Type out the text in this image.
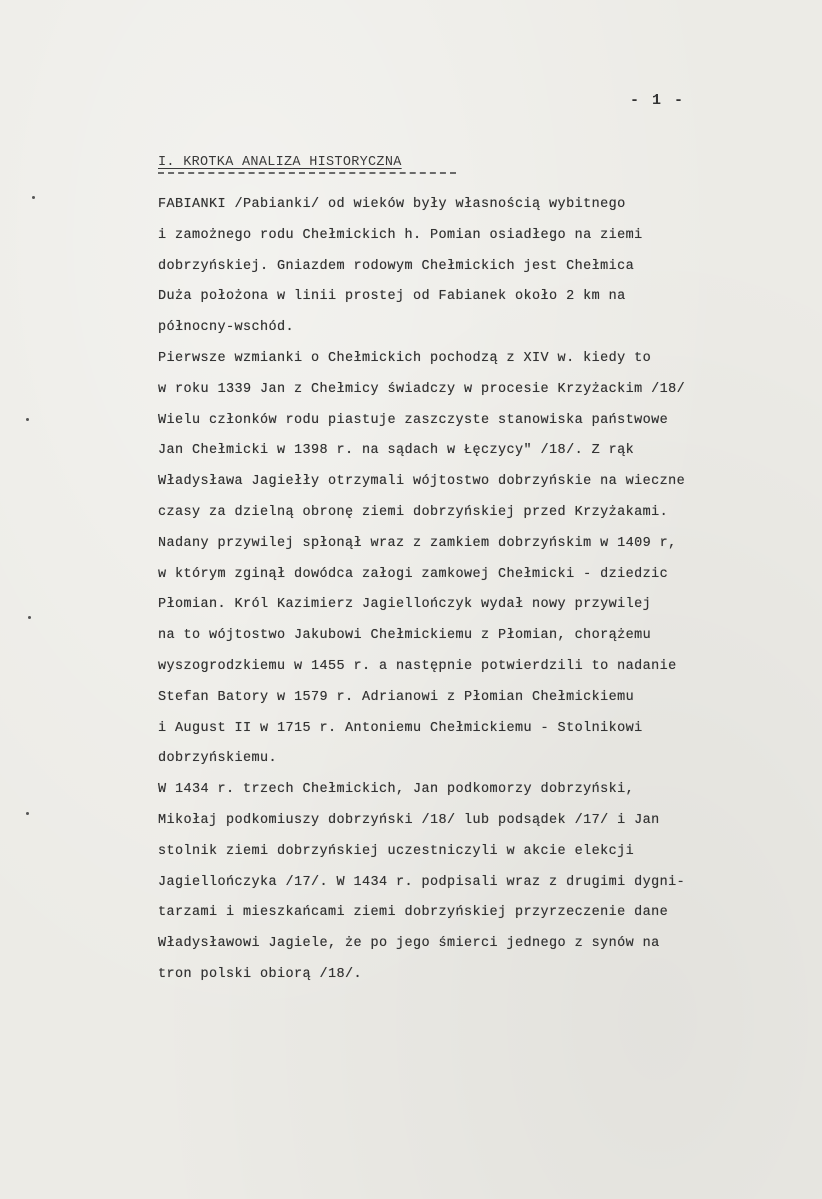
- 1 -
I. KROTKA ANALIZA HISTORYCZNA
FABIANKI /Pabianki/ od wieków były własnością wybitnego
i zamożnego rodu Chełmickich h. Pomian osiadłego na ziemi
dobrzyńskiej. Gniazdem rodowym Chełmickich jest Chełmica
Duża położona w linii prostej od Fabianek około 2 km na
północny-wschód.
Pierwsze wzmianki o Chełmickich pochodzą z XIV w. kiedy to
w roku 1339 Jan z Chełmicy świadczy w procesie Krzyżackim /18/
Wielu członków rodu piastuje zaszczyste stanowiska państwowe
Jan Chełmicki w 1398 r. na sądach w Łęczycy" /18/. Z rąk
Władysława Jagiełły otrzymali wójtostwo dobrzyńskie na wieczne
czasy za dzielną obronę ziemi dobrzyńskiej przed Krzyżakami.
Nadany przywilej spłonął wraz z zamkiem dobrzyńskim w 1409 r,
w którym zginął dowódca załogi zamkowej Chełmicki - dziedzic
Płomian. Król Kazimierz Jagiellończyk wydał nowy przywilej
na to wójtostwo Jakubowi Chełmickiemu z Płomian, chorążemu
wyszogrodzkiemu w 1455 r. a następnie potwierdzili to nadanie
Stefan Batory w 1579 r. Adrianowi z Płomian Chełmickiemu
i August II w 1715 r. Antoniemu Chełmickiemu - Stolnikowi
dobrzyńskiemu.
W 1434 r. trzech Chełmickich, Jan podkomorzy dobrzyński,
Mikołaj podkomiuszy dobrzyński /18/ lub podsądek /17/ i Jan
stolnik ziemi dobrzyńskiej uczestniczyli w akcie elekcji
Jagiellończyka /17/. W 1434 r. podpisali wraz z drugimi dygni-
tarzami i mieszkańcami ziemi dobrzyńskiej przyrzeczenie dane
Władysławowi Jagiele, że po jego śmierci jednego z synów na
tron polski obiorą /18/.
